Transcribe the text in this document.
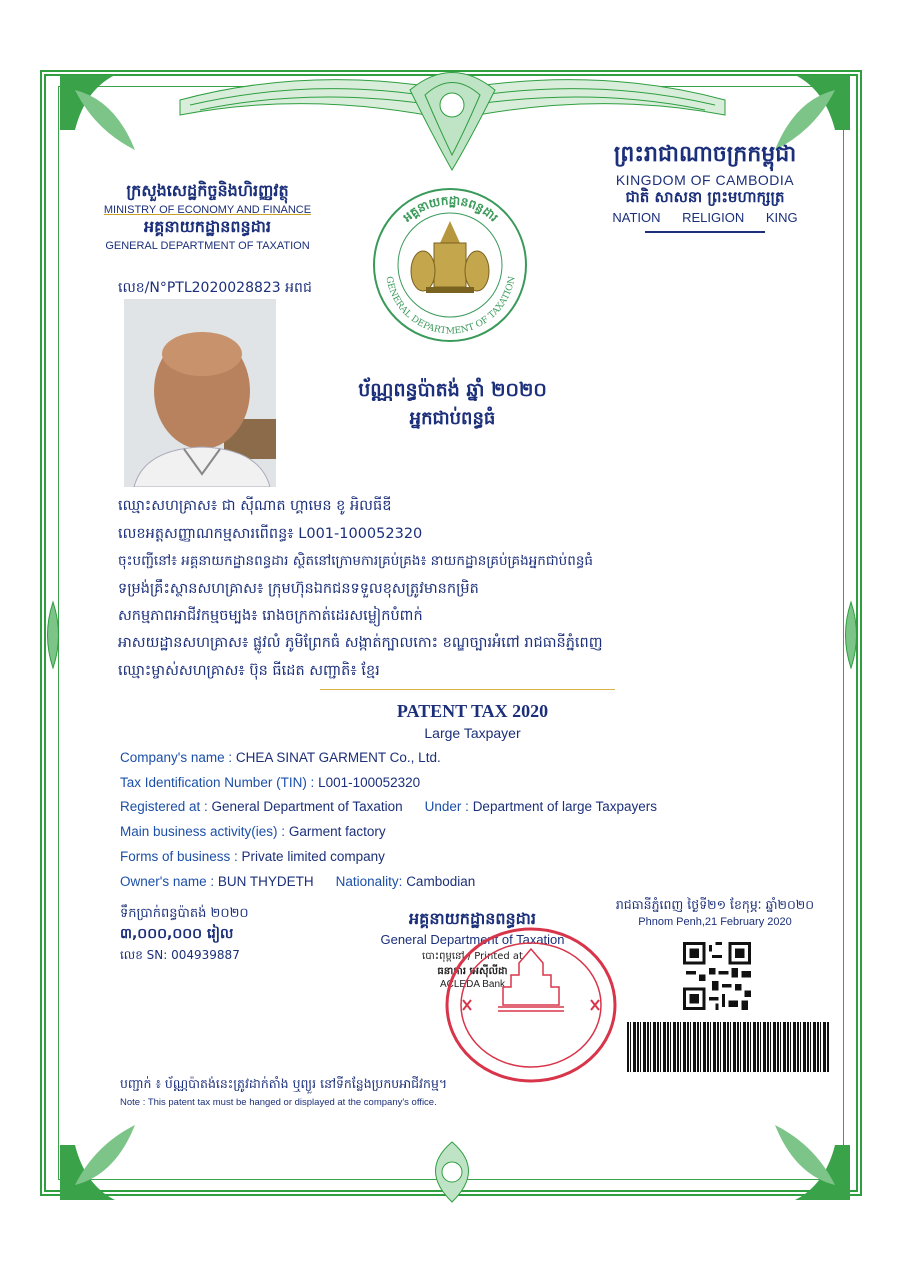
ព្រះរាជាណាចក្រកម្ពុជា
KINGDOM OF CAMBODIA
ជាតិ សាសនា ព្រះមហាក្សត្រ
NATION RELIGION KING
ក្រសួងសេដ្ឋកិច្ចនិងហិរញ្ញវត្ថុ
MINISTRY OF ECONOMY AND FINANCE
អគ្គនាយកដ្ឋានពន្ធដារ
GENERAL DEPARTMENT OF TAXATION
លេខ/N°PTL2020028823 អពជ
អគ្គនាយកដ្ឋានពន្ធដារ
GENERAL DEPARTMENT OF TAXATION
ប័ណ្ណពន្ធប៉ាតង់ ឆ្នាំ ២០២០
អ្នកជាប់ពន្ធធំ
ឈ្មោះសហគ្រាស៖ ជា ស៊ីណាត ហ្គាមេន ខូ អិលធីឌី
លេខអត្តសញ្ញាណកម្មសារពើពន្ធ៖ L001-100052320
ចុះបញ្ជីនៅ៖ អគ្គនាយកដ្ឋានពន្ធដារ ស្ថិតនៅក្រោមការគ្រប់គ្រង៖ នាយកដ្ឋានគ្រប់គ្រងអ្នកជាប់ពន្ធធំ
ទម្រង់គ្រឹះស្ថានសហគ្រាស៖ ក្រុមហ៊ុនឯកជនទទួលខុសត្រូវមានកម្រិត
សកម្មភាពអាជីវកម្មចម្បង៖ រោងចក្រកាត់ដេរសម្លៀកបំពាក់
អាសយដ្ឋានសហគ្រាស៖ ផ្លូវលំ ភូមិព្រែកធំ សង្កាត់ក្បាលកោះ ខណ្ឌច្បារអំពៅ រាជធានីភ្នំពេញ
ឈ្មោះម្ចាស់សហគ្រាស៖ ប៊ុន ធីដេត សញ្ជាតិ៖ ខ្មែរ
PATENT TAX 2020
Large Taxpayer
Company's name : CHEA SINAT GARMENT Co., Ltd.
Tax Identification Number (TIN) : L001-100052320
Registered at : General Department of Taxation Under : Department of large Taxpayers
Main business activity(ies) : Garment factory
Forms of business : Private limited company
Owner's name : BUN THYDETH Nationality: Cambodian
ទឹកប្រាក់ពន្ធប៉ាតង់ ២០២០
៣,០០០,០០០ រៀល
លេខ SN: 004939887
អគ្គនាយកដ្ឋានពន្ធដារ
General Department of Taxation
បោះពុម្ពនៅ / Printed at
ធនាគារ អេស៊ីលីដា
ACLEDA Bank
រាជធានីភ្នំពេញ ថ្ងៃទី២១ ខែកុម្ភៈ ឆ្នាំ២០២០
Phnom Penh,21 February 2020
បញ្ជាក់ ៖ ប័ណ្ណប៉ាតង់នេះត្រូវដាក់តាំង ឬព្យួរ នៅទីកន្លែងប្រកបអាជីវកម្ម។
Note : This patent tax must be hanged or displayed at the company's office.
